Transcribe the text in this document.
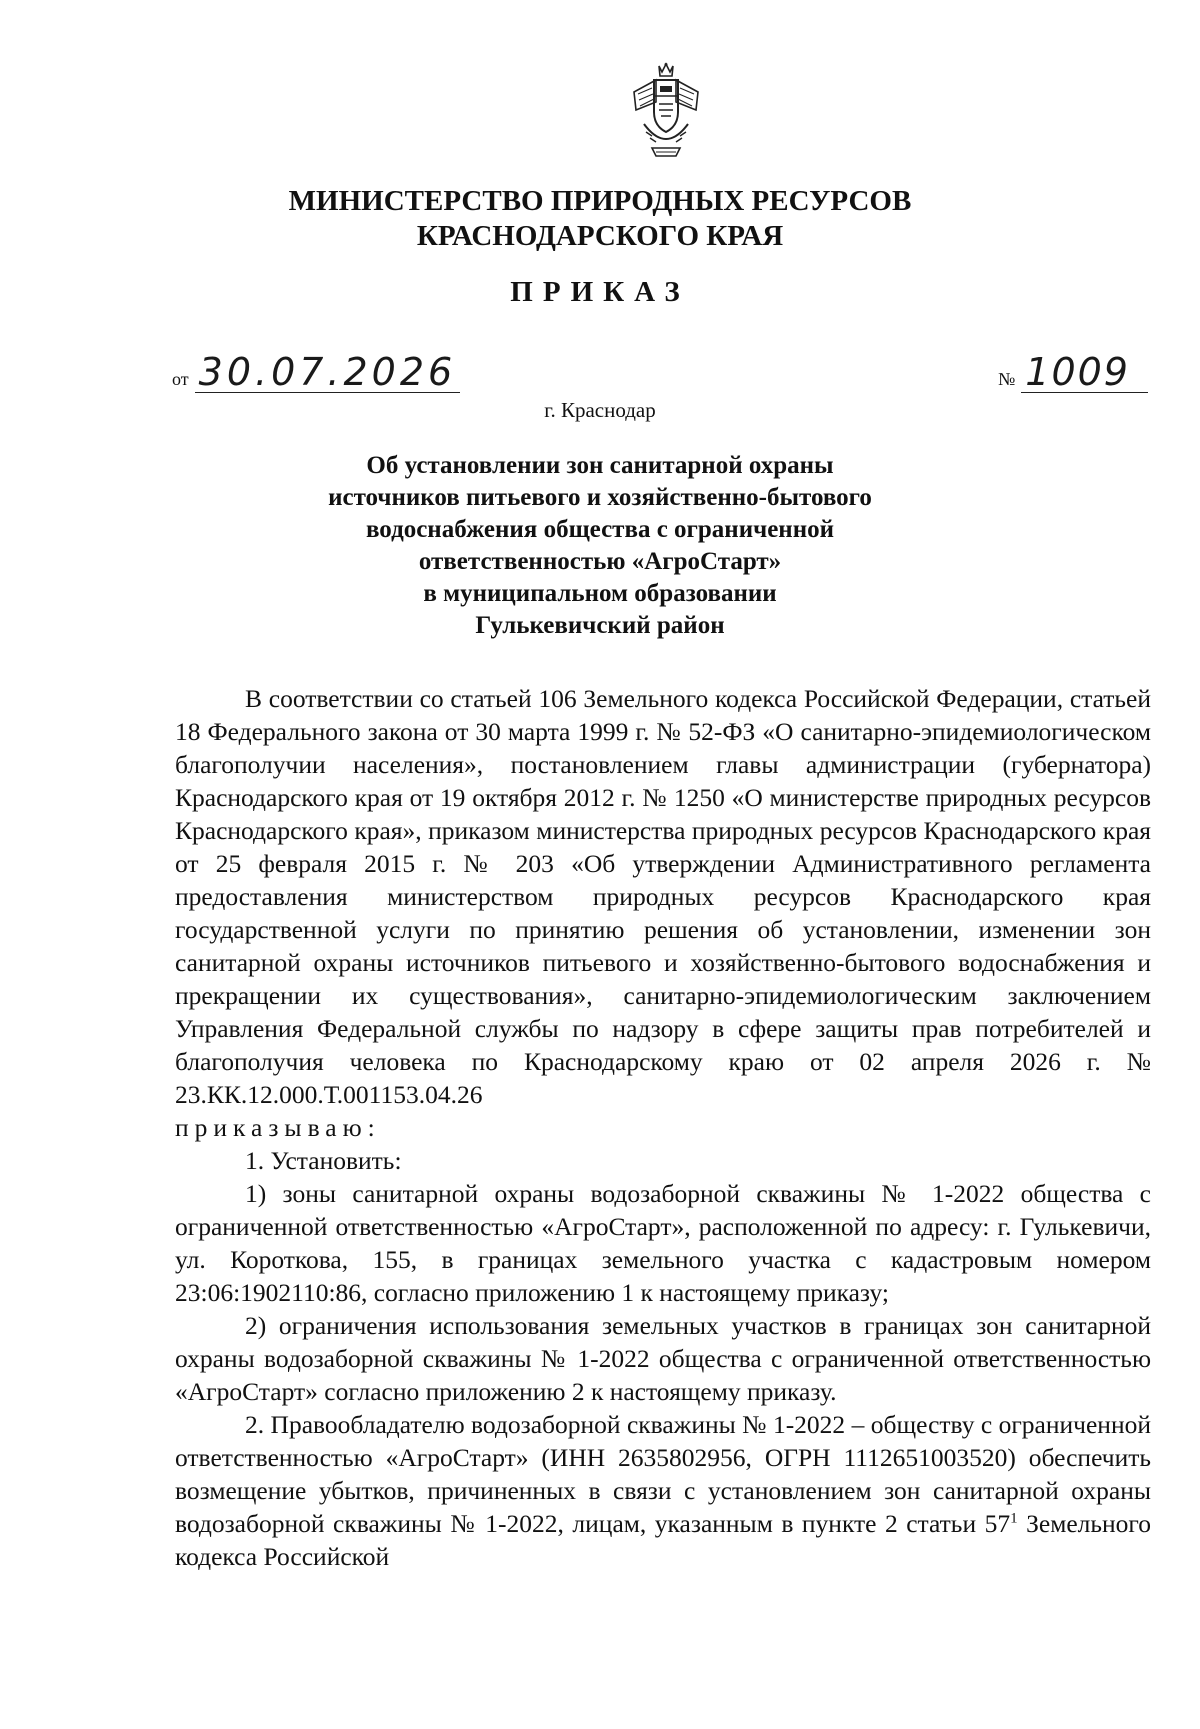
МИНИСТЕРСТВО ПРИРОДНЫХ РЕСУРСОВ
КРАСНОДАРСКОГО КРАЯ
ПРИКАЗ
от 30.07.2026	№ 1009
г. Краснодар
Об установлении зон санитарной охраны
источников питьевого и хозяйственно-бытового
водоснабжения общества с ограниченной
ответственностью «АгроСтарт»
в муниципальном образовании
Гулькевичский район

В соответствии со статьей 106 Земельного кодекса Российской Федерации, статьей 18 Федерального закона от 30 марта 1999 г. № 52-ФЗ «О санитарно-эпидемиологическом благополучии населения», постановлением главы администрации (губернатора) Краснодарского края от 19 октября 2012 г. № 1250 «О министерстве природных ресурсов Краснодарского края», приказом министерства природных ресурсов Краснодарского края от 25 февраля 2015 г. № 203 «Об утверждении Административного регламента предоставления министерством природных ресурсов Краснодарского края государственной услуги по принятию решения об установлении, изменении зон санитарной охраны источников питьевого и хозяйственно-бытового водоснабжения и прекращении их существования», санитарно-эпидемиологическим заключением Управления Федеральной службы по надзору в сфере защиты прав потребителей и благополучия человека по Краснодарскому краю от 02 апреля 2026 г. № 23.КК.12.000.Т.001153.04.26

приказываю:

1. Установить:

1) зоны санитарной охраны водозаборной скважины № 1-2022 общества с ограниченной ответственностью «АгроСтарт», расположенной по адресу: г. Гулькевичи, ул. Короткова, 155, в границах земельного участка с кадастровым номером 23:06:1902110:86, согласно приложению 1 к настоящему приказу;

2) ограничения использования земельных участков в границах зон санитарной охраны водозаборной скважины № 1-2022 общества с ограниченной ответственностью «АгроСтарт» согласно приложению 2 к настоящему приказу.

2. Правообладателю водозаборной скважины № 1-2022 – обществу с ограниченной ответственностью «АгроСтарт» (ИНН 2635802956, ОГРН 1112651003520) обеспечить возмещение убытков, причиненных в связи с установлением зон санитарной охраны водозаборной скважины № 1-2022, лицам, указанным в пункте 2 статьи $57^1$ Земельного кодекса Российской
